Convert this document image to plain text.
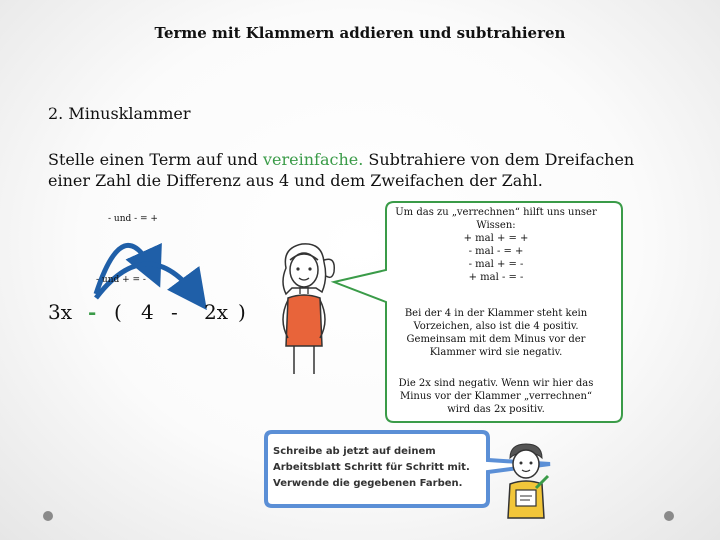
Terme mit Klammern addieren und subtrahieren
2. Minusklammer
Stelle einen Term auf und vereinfache. Subtrahiere von dem Dreifachen einer Zahl die Differenz aus 4 und dem Zweifachen der Zahl.
- und - = +
- und + = -
3x - ( 4 - 2x )
Um das zu „verrechnen“ hilft uns unser
Wissen:
+ mal + = +
- mal - = +
- mal + = -
+ mal - = -
Bei der 4 in der Klammer steht kein
Vorzeichen, also ist die 4 positiv.
Gemeinsam mit dem Minus vor der
Klammer wird sie negativ.
Die 2x sind negativ. Wenn wir hier das
Minus vor der Klammer „verrechnen“
wird das 2x positiv.
Schreibe ab jetzt auf deinem
Arbeitsblatt Schritt für Schritt mit.
Verwende die gegebenen Farben.
